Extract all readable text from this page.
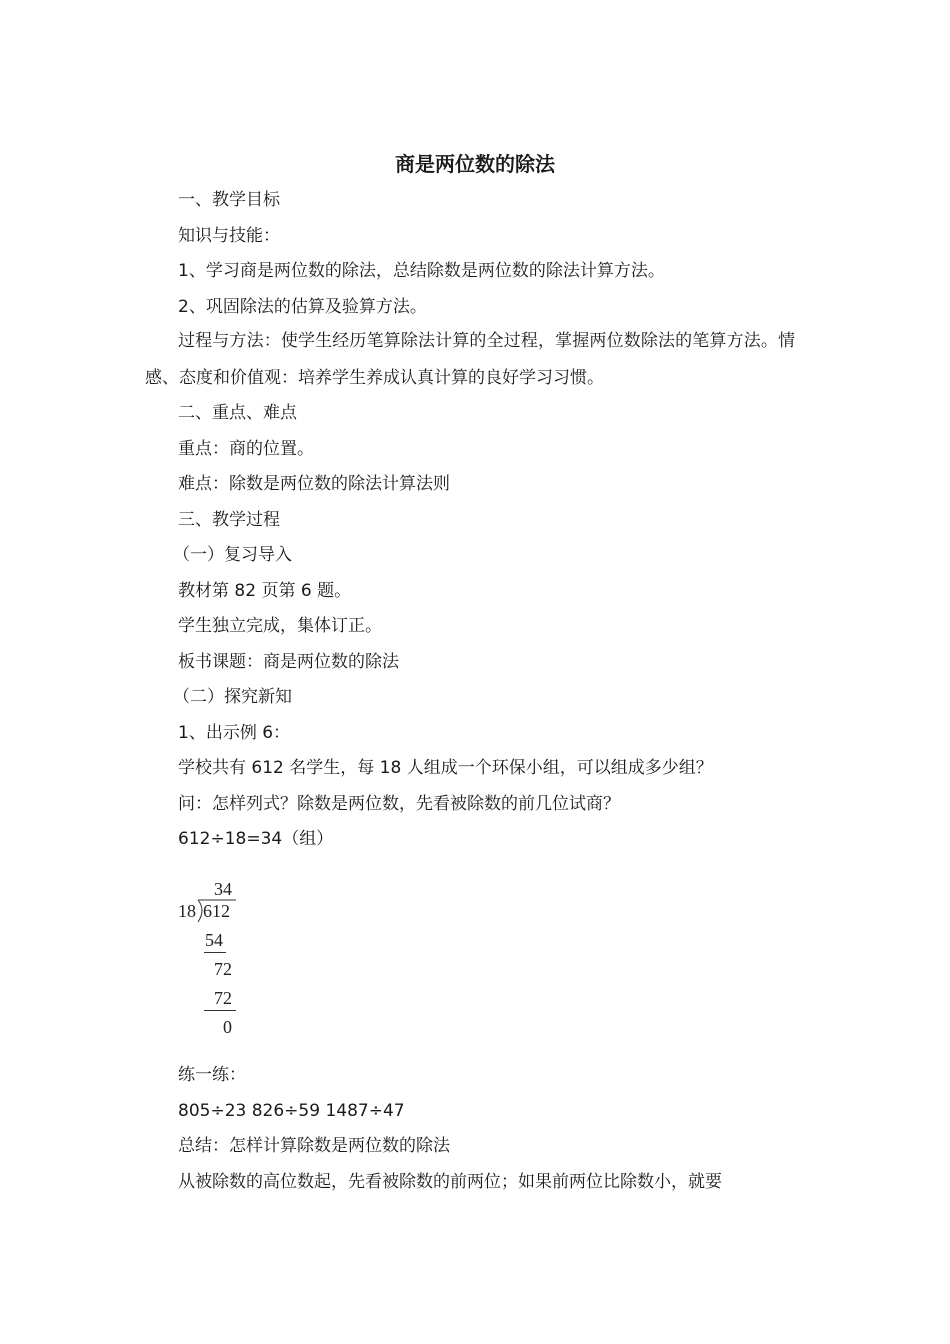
商是两位数的除法

一、教学目标

知识与技能：

1、学习商是两位数的除法，总结除数是两位数的除法计算方法。

2、巩固除法的估算及验算方法。

过程与方法：使学生经历笔算除法计算的全过程，掌握两位数除法的笔算方法。情感、态度和价值观：培养学生养成认真计算的良好学习习惯。

二、重点、难点

重点：商的位置。

难点：除数是两位数的除法计算法则

三、教学过程

（一）复习导入

教材第 82 页第 6 题。

学生独立完成，集体订正。

板书课题：商是两位数的除法

（二）探究新知

1、出示例 6：

学校共有 612 名学生，每 18 人组成一个环保小组，可以组成多少组？

问：怎样列式？除数是两位数，先看被除数的前几位试商？

612÷18=34（组）

34
18 612
54
72
72
0

练一练：

805÷23 826÷59 1487÷47

总结：怎样计算除数是两位数的除法

从被除数的高位数起，先看被除数的前两位；如果前两位比除数小，就要
